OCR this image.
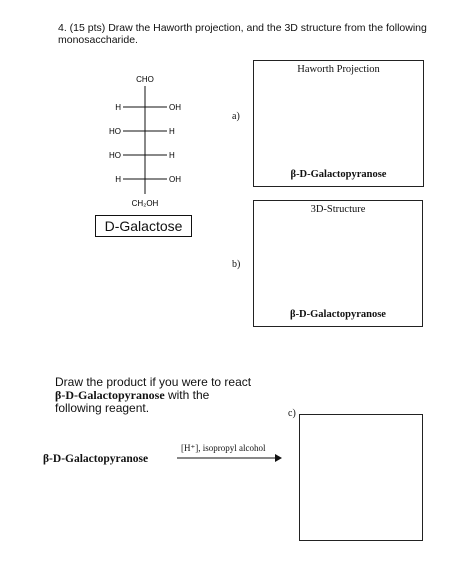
4. (15 pts) Draw the Haworth projection, and the 3D structure from the following
monosaccharide.
CHO
H	OH
HO	H
HO	H
H	OH
CH₂OH
D-Galactose
a)
Haworth Projection
β-D-Galactopyranose
b)
3D-Structure
β-D-Galactopyranose
Draw the product if you were to react
β-D-Galactopyranose with the
following reagent.
β-D-Galactopyranose
[H⁺], isopropyl alcohol
c)
